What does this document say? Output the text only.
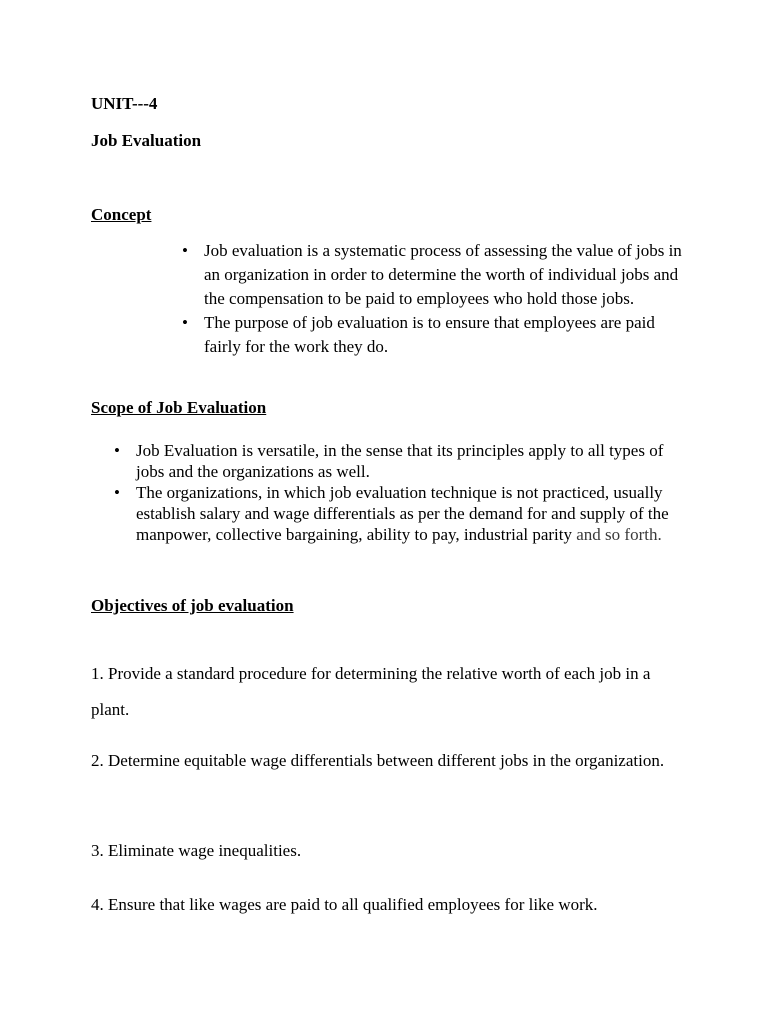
UNIT---4

Job Evaluation

Concept

• Job evaluation is a systematic process of assessing the value of jobs in an organization in order to determine the worth of individual jobs and the compensation to be paid to employees who hold those jobs.
• The purpose of job evaluation is to ensure that employees are paid fairly for the work they do.

Scope of Job Evaluation

• Job Evaluation is versatile, in the sense that its principles apply to all types of jobs and the organizations as well.
• The organizations, in which job evaluation technique is not practiced, usually establish salary and wage differentials as per the demand for and supply of the manpower, collective bargaining, ability to pay, industrial parity and so forth.

Objectives of job evaluation

1. Provide a standard procedure for determining the relative worth of each job in a plant.

2. Determine equitable wage differentials between different jobs in the organization.

3. Eliminate wage inequalities.

4. Ensure that like wages are paid to all qualified employees for like work.
